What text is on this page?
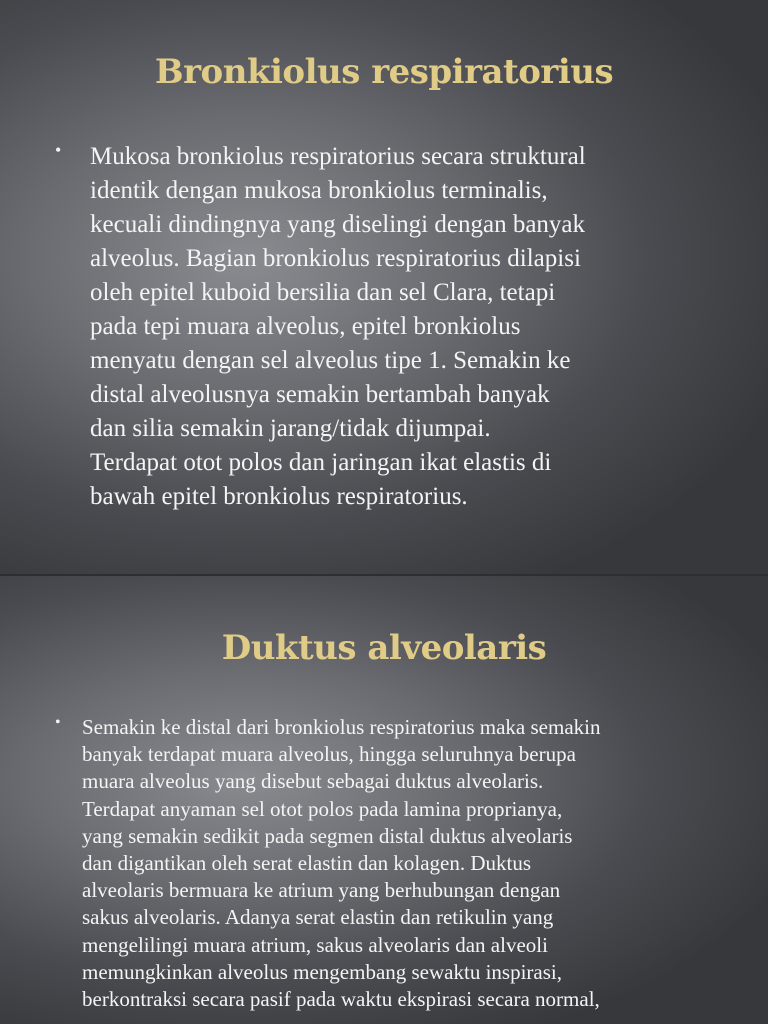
Bronkiolus respiratorius
• Mukosa bronkiolus respiratorius secara struktural
identik dengan mukosa bronkiolus terminalis,
kecuali dindingnya yang diselingi dengan banyak
alveolus. Bagian bronkiolus respiratorius dilapisi
oleh epitel kuboid bersilia dan sel Clara, tetapi
pada tepi muara alveolus, epitel bronkiolus
menyatu dengan sel alveolus tipe 1. Semakin ke
distal alveolusnya semakin bertambah banyak
dan silia semakin jarang/tidak dijumpai.
Terdapat otot polos dan jaringan ikat elastis di
bawah epitel bronkiolus respiratorius.

Duktus alveolaris
• Semakin ke distal dari bronkiolus respiratorius maka semakin
banyak terdapat muara alveolus, hingga seluruhnya berupa
muara alveolus yang disebut sebagai duktus alveolaris.
Terdapat anyaman sel otot polos pada lamina proprianya,
yang semakin sedikit pada segmen distal duktus alveolaris
dan digantikan oleh serat elastin dan kolagen. Duktus
alveolaris bermuara ke atrium yang berhubungan dengan
sakus alveolaris. Adanya serat elastin dan retikulin yang
mengelilingi muara atrium, sakus alveolaris dan alveoli
memungkinkan alveolus mengembang sewaktu inspirasi,
berkontraksi secara pasif pada waktu ekspirasi secara normal,
